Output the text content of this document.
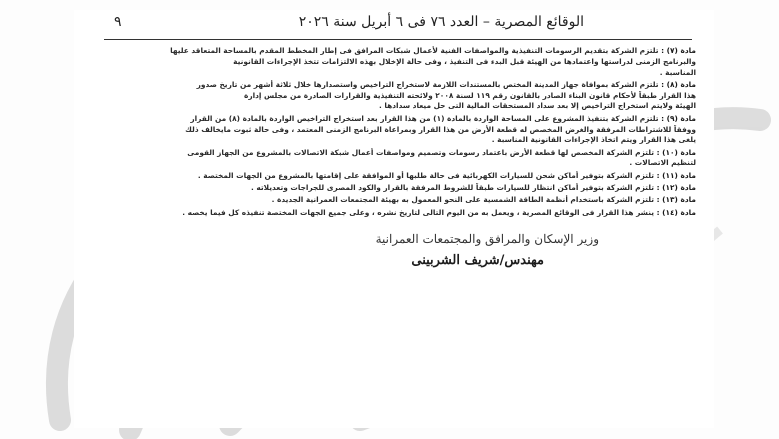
الوقائع المصرية – العدد ٧٦ فى ٦ أبريل سنة ٢٠٢٦
٩
مادة (٧) : تلتزم الشركة بتقديم الرسومات التنفيذية والمواصفات الفنية لأعمال شبكات المرافق فى إطار المخطط المقدم بالمساحة المتعاقد عليها
والبرنامج الزمنى لدراستها واعتمادها من الهيئة قبل البدء فى التنفيذ ، وفى حالة الإخلال بهذه الالتزامات تتخذ الإجراءات القانونية
المناسبة .
مادة (٨) : تلتزم الشركة بموافاة جهاز المدينة المختص بالمستندات اللازمة لاستخراج التراخيص واستصدارها خلال ثلاثة أشهر من تاريخ صدور
هذا القرار طبقاً لأحكام قانون البناء الصادر بالقانون رقم ١١٩ لسنة ٢٠٠٨ ولائحته التنفيذية والقرارات الصادرة من مجلس إدارة
الهيئة ولايتم استخراج التراخيص إلا بعد سداد المستحقات المالية التى حل ميعاد سدادها .
مادة (٩) : تلتزم الشركة بتنفيذ المشروع على المساحة الواردة بالمادة (١) من هذا القرار بعد استخراج التراخيص الواردة بالمادة (٨) من القرار
ووفقاً للاشتراطات المرفقة والغرض المخصص له قطعة الأرض من هذا القرار وبمراعاة البرنامج الزمنى المعتمد ، وفى حالة ثبوت مايخالف ذلك
يلغى هذا القرار ويتم اتخاذ الإجراءات القانونية المناسبة .
مادة (١٠) : تلتزم الشركة المخصص لها قطعة الأرض باعتماد رسومات وتصميم ومواصفات أعمال شبكة الاتصالات بالمشروع من الجهاز القومى
لتنظيم الاتصالات .
مادة (١١) : تلتزم الشركة بتوفير أماكن شحن للسيارات الكهربائية فى حالة طلبها أو الموافقة على إقامتها بالمشروع من الجهات المختصة .
مادة (١٢) : تلتزم الشركة بتوفير أماكن انتظار للسيارات طبقاً للشروط المرفقة بالقرار والكود المصرى للجراجات وتعديلاته .
مادة (١٣) : تلتزم الشركة باستخدام أنظمة الطاقة الشمسية على النحو المعمول به بهيئة المجتمعات العمرانية الجديدة .
مادة (١٤) : ينشر هذا القرار فى الوقائع المصرية ، ويعمل به من اليوم التالى لتاريخ نشره ، وعلى جميع الجهات المختصة تنفيذه كل فيما يخصه .
وزير الإسكان والمرافق والمجتمعات العمرانية
مهندس/شريف الشربينى
